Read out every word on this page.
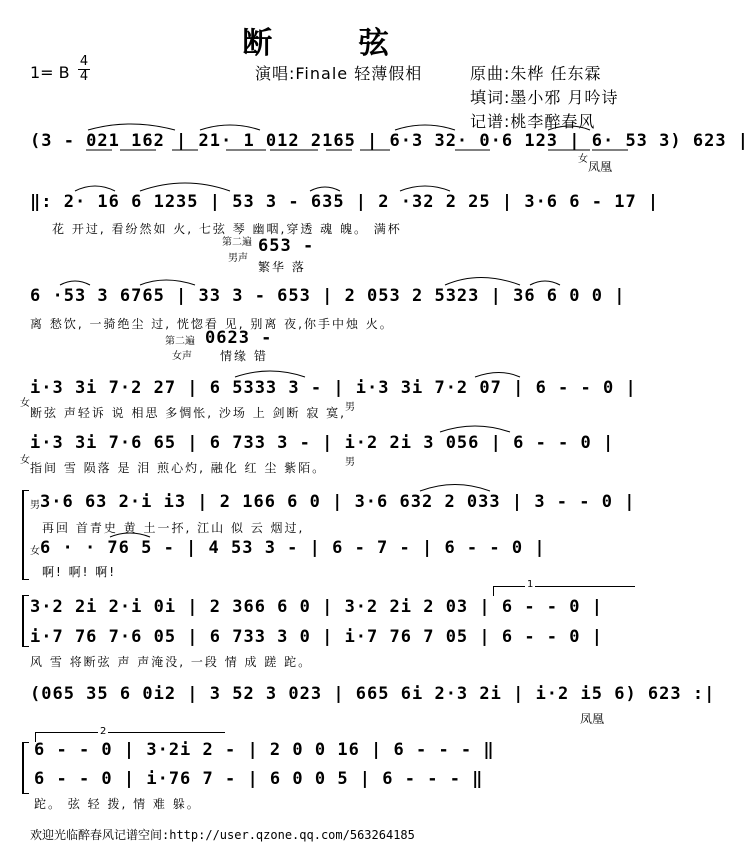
断 弦
1= B
4
4	演唱:Finale 轻薄假相	原曲:朱桦 任东霖
填词:墨小邪 月吟诗
记谱:桃李醉春风
(3 - 021 162 | 21· 1 012 2165 | 6·3 32· 0·6 123 | 6· 53 3) 623 |
女
凤凰
‖: 2· 16 6 1235 | 53 3 - 635 | 2 ·32 2 25 | 3·6 6 - 17 |
花 开过, 看纷然如 火, 七弦 琴 幽咽,穿透 魂 魄。 满杯
第二遍
男声
653 -
繁华 落
6 ·53 3 6765 | 33 3 - 653 | 2 053 2 5323 | 36 6 0 0 |
离 愁饮, 一骑绝尘 过, 恍惚看 见, 别离 夜,你手中烛 火。
第二遍
女声
0623 -
情缘 错
i·3 3i 7·2 27 | 6 5333 3 - | i·3 3i 7·2 07 | 6 - - 0 |
女	男
断弦 声轻诉 说 相思 多惆怅, 沙场 上 剑断 寂 寞,
i·3 3i 7·6 65 | 6 733 3 - | i·2 2i 3 056 | 6 - - 0 |
女	男
指间 雪 陨落 是 泪 煎心灼, 融化 红 尘 紫陌。
男 3·6 63 2·i i3 | 2 166 6 0 | 3·6 632 2 033 | 3 - - 0 |
再回 首青史 黄 土一抔, 江山 似 云 烟过,
女 6 · · 76 5 - | 4 53 3 - | 6 - 7 - | 6 - - 0 |
啊! 啊! 啊!
1
3·2 2i 2·i 0i | 2 366 6 0 | 3·2 2i 2 03 | 6 - - 0 |
i·7 76 7·6 05 | 6 733 3 0 | i·7 76 7 05 | 6 - - 0 |
风 雪 将断弦 声 声淹没, 一段 情 成 蹉 跎。
(065 35 6 0i2 | 3 52 3 023 | 665 6i 2·3 2i | i·2 i5 6) 623 :|
凤凰
2
6 - - 0 | 3·2i 2 - | 2 0 0 16 | 6 - - - ‖
6 - - 0 | i·76 7 - | 6 0 0 5 | 6 - - - ‖
跎。 弦 轻 拨, 情 难 躲。
欢迎光临醉春风记谱空间:http://user.qzone.qq.com/563264185
